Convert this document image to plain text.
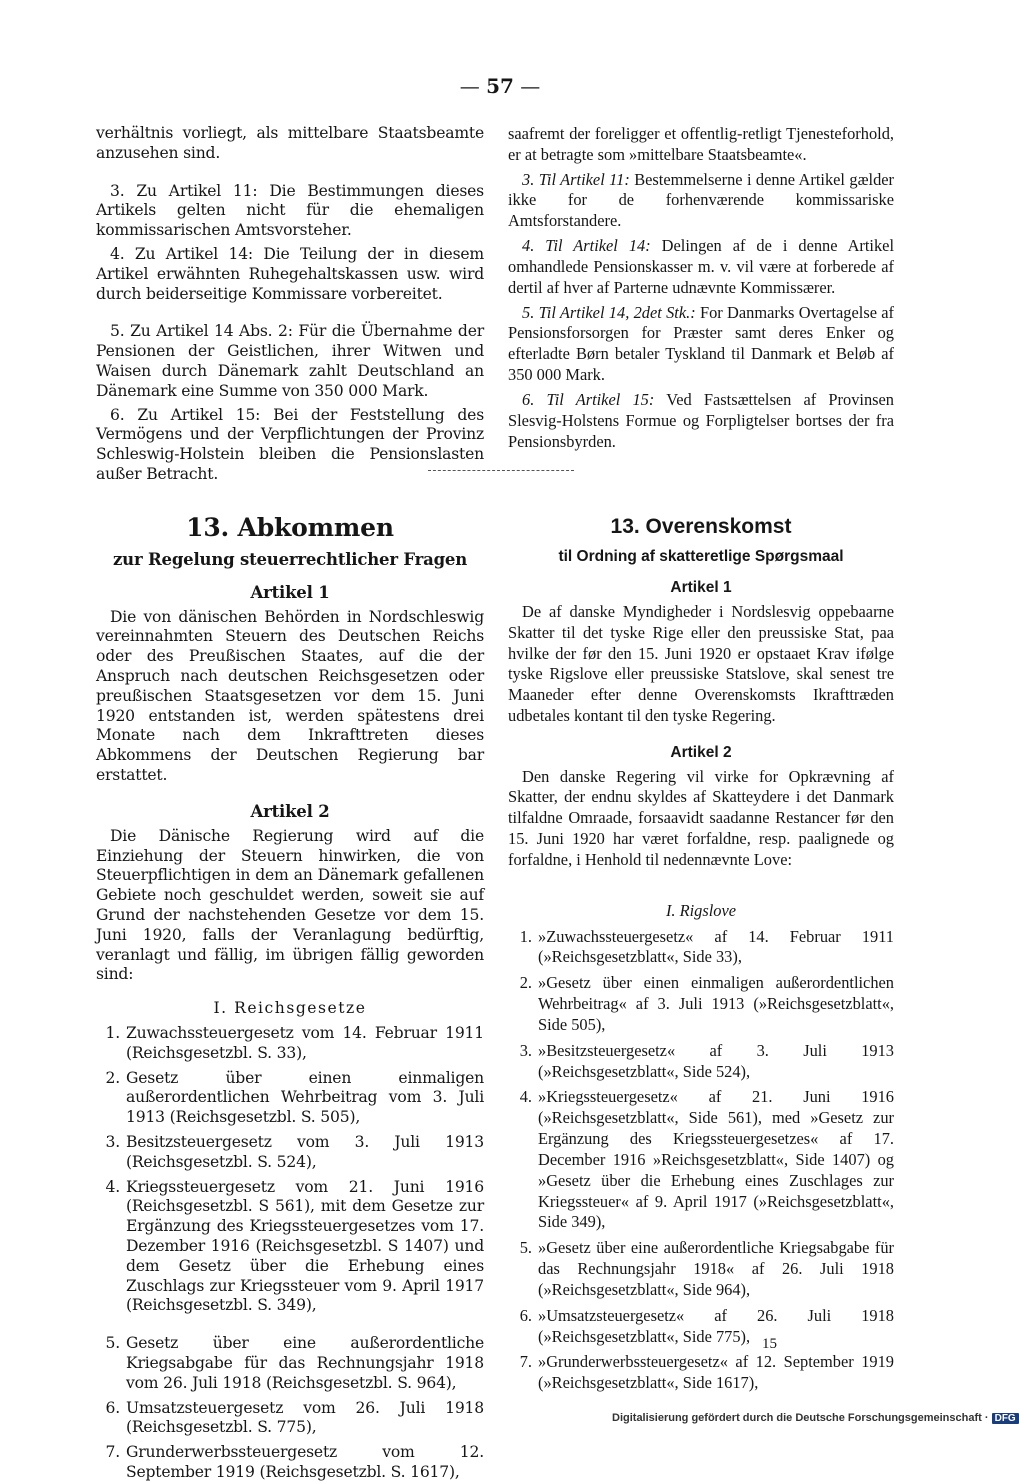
— 57 —

verhältnis vorliegt, als mittelbare Staatsbeamte anzusehen sind.

3. Zu Artikel 11: Die Bestimmungen dieses Artikels gelten nicht für die ehemaligen kommissarischen Amtsvorsteher.

4. Zu Artikel 14: Die Teilung der in diesem Artikel erwähnten Ruhegehaltskassen usw. wird durch beiderseitige Kommissare vorbereitet.

5. Zu Artikel 14 Abs. 2: Für die Übernahme der Pensionen der Geistlichen, ihrer Witwen und Waisen durch Dänemark zahlt Deutschland an Dänemark eine Summe von 350 000 Mark.

6. Zu Artikel 15: Bei der Feststellung des Vermögens und der Verpflichtungen der Provinz Schleswig-Holstein bleiben die Pensionslasten außer Betracht.

13. Abkommen

zur Regelung steuerrechtlicher Fragen

Artikel 1

Die von dänischen Behörden in Nordschleswig vereinnahmten Steuern des Deutschen Reichs oder des Preußischen Staates, auf die der Anspruch nach deutschen Reichsgesetzen oder preußischen Staatsgesetzen vor dem 15. Juni 1920 entstanden ist, werden spätestens drei Monate nach dem Inkrafttreten dieses Abkommens der Deutschen Regierung bar erstattet.

Artikel 2

Die Dänische Regierung wird auf die Einziehung der Steuern hinwirken, die von Steuerpflichtigen in dem an Dänemark gefallenen Gebiete noch geschuldet werden, soweit sie auf Grund der nachstehenden Gesetze vor dem 15. Juni 1920, falls der Veranlagung bedürftig, veranlagt und fällig, im übrigen fällig geworden sind:

I. Reichsgesetze

1. Zuwachssteuergesetz vom 14. Februar 1911 (Reichsgesetzbl. S. 33),
2. Gesetz über einen einmaligen außerordentlichen Wehrbeitrag vom 3. Juli 1913 (Reichsgesetzbl. S. 505),
3. Besitzsteuergesetz vom 3. Juli 1913 (Reichsgesetzbl. S. 524),
4. Kriegssteuergesetz vom 21. Juni 1916 (Reichsgesetzbl. S 561), mit dem Gesetze zur Ergänzung des Kriegssteuergesetzes vom 17. Dezember 1916 (Reichsgesetzbl. S 1407) und dem Gesetz über die Erhebung eines Zuschlags zur Kriegssteuer vom 9. April 1917 (Reichsgesetzbl. S. 349),
5. Gesetz über eine außerordentliche Kriegsabgabe für das Rechnungsjahr 1918 vom 26. Juli 1918 (Reichsgesetzbl. S. 964),
6. Umsatzsteuergesetz vom 26. Juli 1918 (Reichsgesetzbl. S. 775),
7. Grunderwerbssteuergesetz vom 12. September 1919 (Reichsgesetzbl. S. 1617),

saafremt der foreligger et offentlig-retligt Tjenesteforhold, er at betragte som »mittelbare Staatsbeamte«.

3. Til Artikel 11: Bestemmelserne i denne Artikel gælder ikke for de forhenværende kommissariske Amtsforstandere.

4. Til Artikel 14: Delingen af de i denne Artikel omhandlede Pensionskasser m. v. vil være at forberede af dertil af hver af Parterne udnævnte Kommissærer.

5. Til Artikel 14, 2det Stk.: For Danmarks Overtagelse af Pensionsforsorgen for Præster samt deres Enker og efterladte Børn betaler Tyskland til Danmark et Beløb af 350 000 Mark.

6. Til Artikel 15: Ved Fastsættelsen af Provinsen Slesvig-Holstens Formue og Forpligtelser bortses der fra Pensionsbyrden.

13. Overenskomst

til Ordning af skatteretlige Spørgsmaal

Artikel 1

De af danske Myndigheder i Nordslesvig oppebaarne Skatter til det tyske Rige eller den preussiske Stat, paa hvilke der før den 15. Juni 1920 er opstaaet Krav ifølge tyske Rigslove eller preussiske Statslove, skal senest tre Maaneder efter denne Overenskomsts Ikrafttræden udbetales kontant til den tyske Regering.

Artikel 2

Den danske Regering vil virke for Opkrævning af Skatter, der endnu skyldes af Skatteydere i det Danmark tilfaldne Omraade, forsaavidt saadanne Restancer før den 15. Juni 1920 har været forfaldne, resp. paalignede og forfaldne, i Henhold til nedennævnte Love:

I. Rigslove

1. »Zuwachssteuergesetz« af 14. Februar 1911 (»Reichsgesetzblatt«, Side 33),
2. »Gesetz über einen einmaligen außerordentlichen Wehrbeitrag« af 3. Juli 1913 (»Reichsgesetzblatt«, Side 505),
3. »Besitzsteuergesetz« af 3. Juli 1913 (»Reichsgesetzblatt«, Side 524),
4. »Kriegssteuergesetz« af 21. Juni 1916 (»Reichsgesetzblatt«, Side 561), med »Gesetz zur Ergänzung des Kriegssteuergesetzes« af 17. December 1916 »Reichsgesetzblatt«, Side 1407) og »Gesetz über die Erhebung eines Zuschlages zur Kriegssteuer« af 9. April 1917 (»Reichsgesetzblatt«, Side 349),
5. »Gesetz über eine außerordentliche Kriegsabgabe für das Rechnungsjahr 1918« af 26. Juli 1918 (»Reichsgesetzblatt«, Side 964),
6. »Umsatzsteuergesetz« af 26. Juli 1918 (»Reichsgesetzblatt«, Side 775),
7. »Grunderwerbssteuergesetz« af 12. September 1919 (»Reichsgesetzblatt«, Side 1617),
15
Digitalisierung gefördert durch die Deutsche Forschungsgemeinschaft · DFG
